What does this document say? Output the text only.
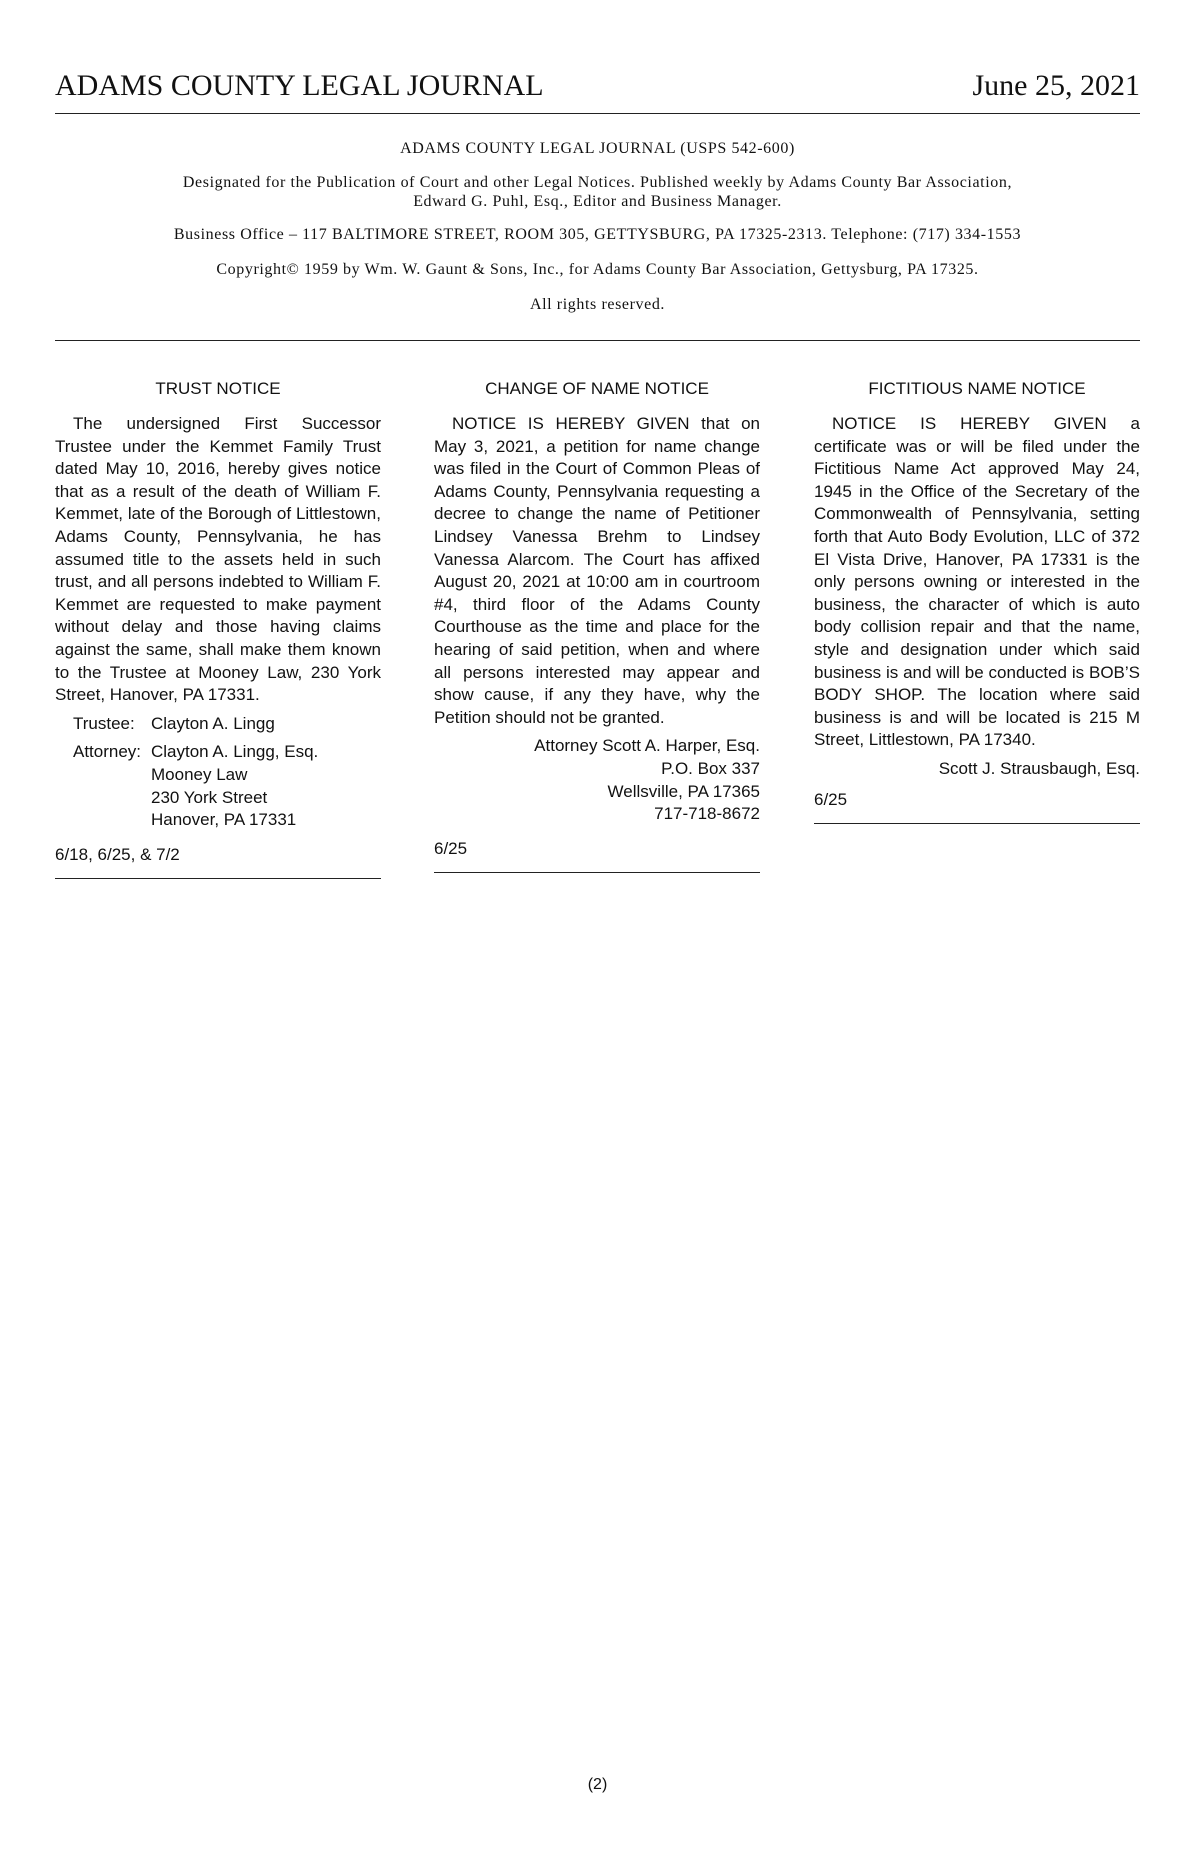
ADAMS COUNTY LEGAL JOURNAL	June 25, 2021

ADAMS COUNTY LEGAL JOURNAL (USPS 542-600)

Designated for the Publication of Court and other Legal Notices. Published weekly by Adams County Bar Association,
Edward G. Puhl, Esq., Editor and Business Manager.

Business Office – 117 BALTIMORE STREET, ROOM 305, GETTYSBURG, PA 17325-2313. Telephone: (717) 334-1553

Copyright© 1959 by Wm. W. Gaunt & Sons, Inc., for Adams County Bar Association, Gettysburg, PA 17325.

All rights reserved.

TRUST NOTICE

The undersigned First Successor Trustee under the Kemmet Family Trust dated May 10, 2016, hereby gives notice that as a result of the death of William F. Kemmet, late of the Borough of Littlestown, Adams County, Pennsylvania, he has assumed title to the assets held in such trust, and all persons indebted to William F. Kemmet are requested to make payment without delay and those having claims against the same, shall make them known to the Trustee at Mooney Law, 230 York Street, Hanover, PA 17331.

Trustee: Clayton A. Lingg
Attorney: Clayton A. Lingg, Esq.
Mooney Law
230 York Street
Hanover, PA 17331

6/18, 6/25, & 7/2

CHANGE OF NAME NOTICE

NOTICE IS HEREBY GIVEN that on May 3, 2021, a petition for name change was filed in the Court of Common Pleas of Adams County, Pennsylvania requesting a decree to change the name of Petitioner Lindsey Vanessa Brehm to Lindsey Vanessa Alarcom. The Court has affixed August 20, 2021 at 10:00 am in courtroom #4, third floor of the Adams County Courthouse as the time and place for the hearing of said petition, when and where all persons interested may appear and show cause, if any they have, why the Petition should not be granted.

Attorney Scott A. Harper, Esq.

P.O. Box 337

Wellsville, PA 17365

717-718-8672

6/25

FICTITIOUS NAME NOTICE

NOTICE IS HEREBY GIVEN a certificate was or will be filed under the Fictitious Name Act approved May 24, 1945 in the Office of the Secretary of the Commonwealth of Pennsylvania, setting forth that Auto Body Evolution, LLC of 372 El Vista Drive, Hanover, PA 17331 is the only persons owning or interested in the business, the character of which is auto body collision repair and that the name, style and designation under which said business is and will be conducted is BOB’S BODY SHOP. The location where said business is and will be located is 215 M Street, Littlestown, PA 17340.

Scott J. Strausbaugh, Esq.

6/25

(2)
